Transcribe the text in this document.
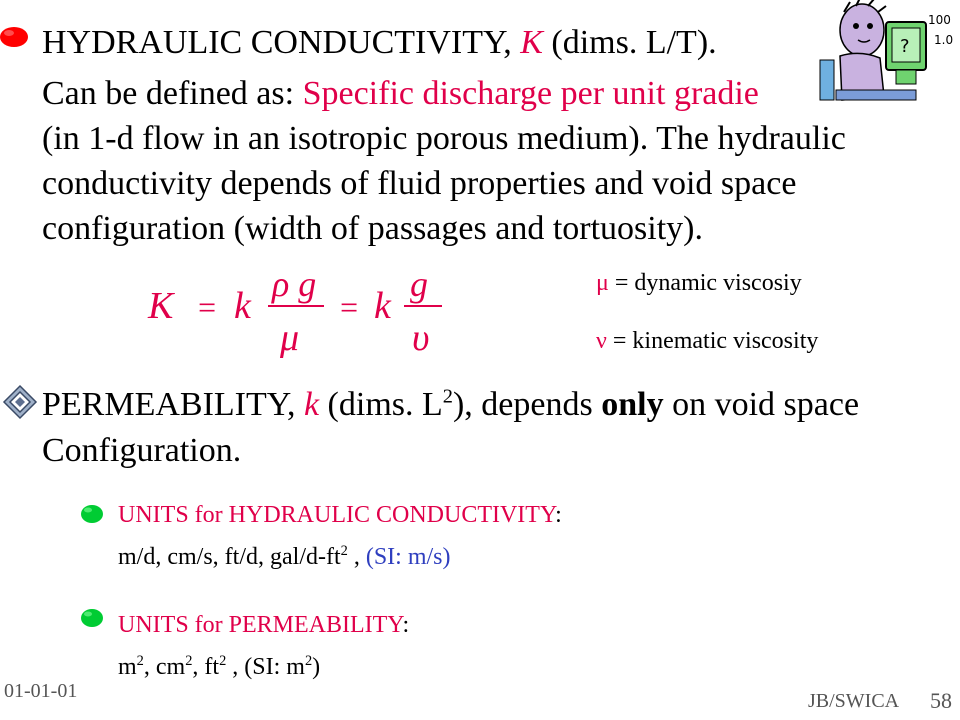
HYDRAULIC CONDUCTIVITY, K (dims. L/T).
Can be defined as: Specific discharge per unit gradie
(in 1-d flow in an isotropic porous medium). The hydraulic
conductivity depends of fluid properties and void space
configuration (width of passages and tortuosity).
?
100
1.0
K = k
ρ g
μ
= k
g
υ
μ = dynamic viscosiy
ν = kinematic viscosity
PERMEABILITY, k (dims. $L^2$), depends only on void space
Configuration.
UNITS for HYDRAULIC CONDUCTIVITY:
m/d, cm/s, ft/d, gal/$d-ft^2$ , (SI: m/s)
UNITS for PERMEABILITY:
$m^2$, $cm^2$, $ft^2$ , (SI: $m^2$)
01-01-01	JB/SWICA 58
